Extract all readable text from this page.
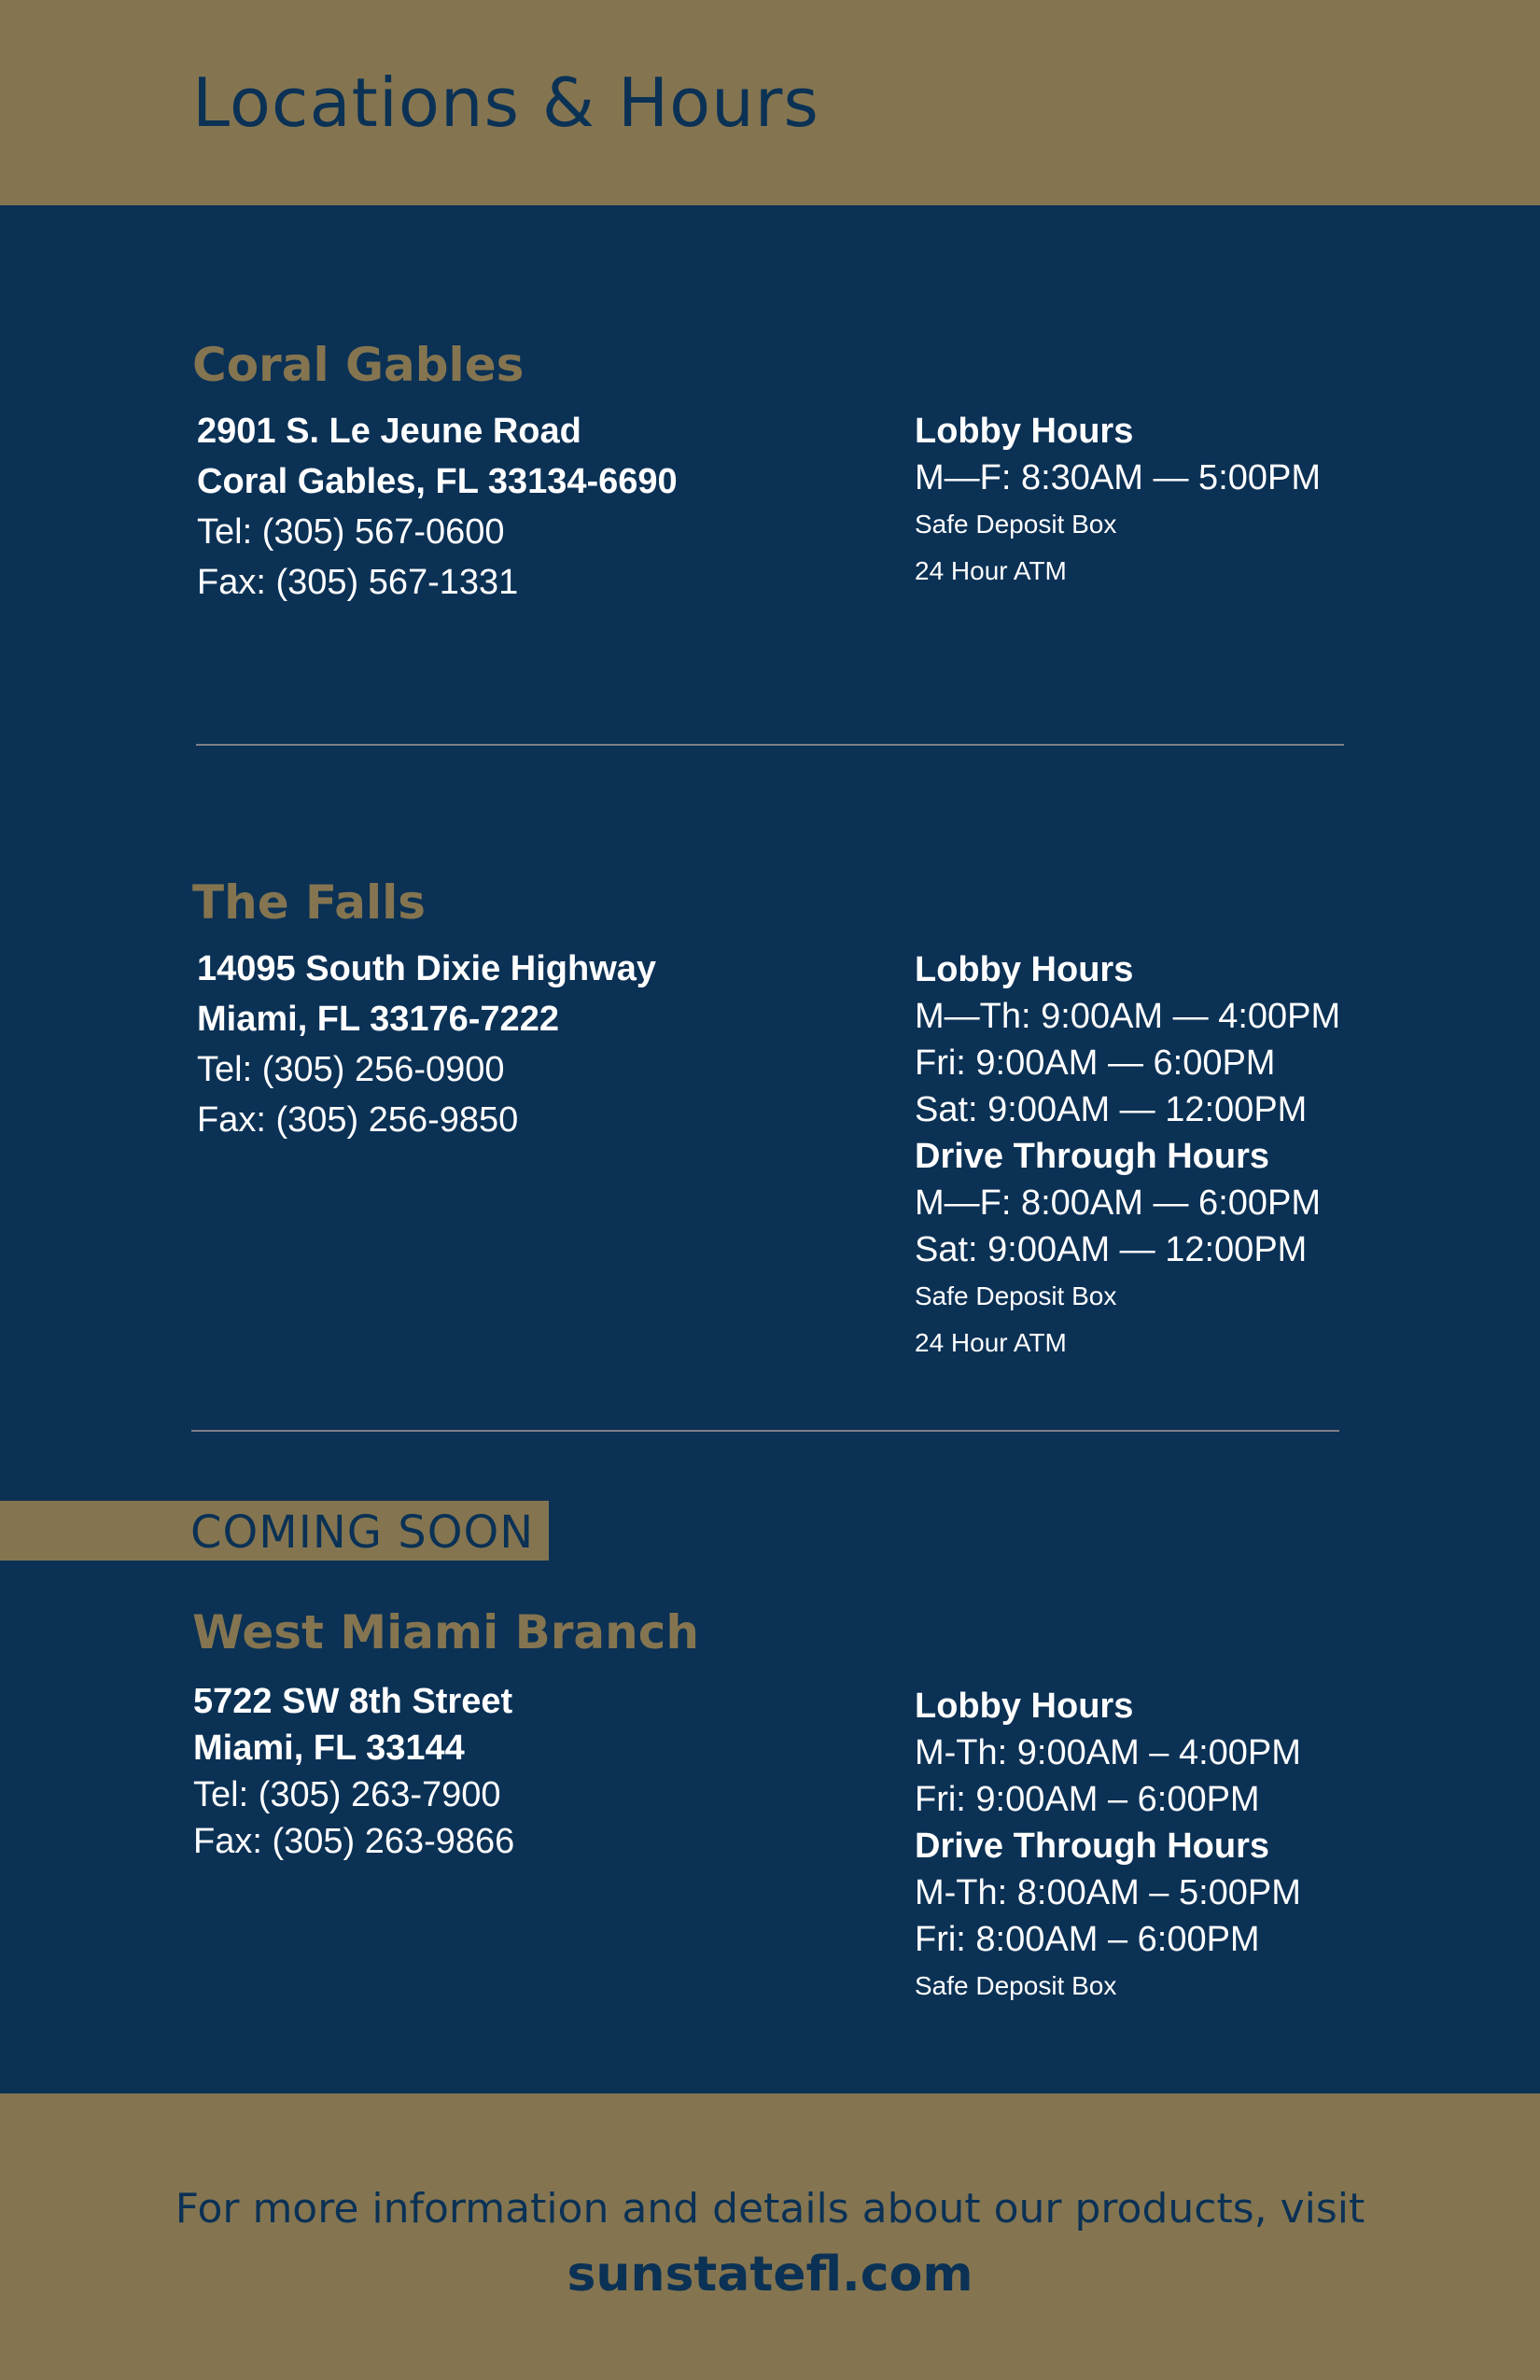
Locations & Hours
Coral Gables
2901 S. Le Jeune Road
Coral Gables, FL 33134-6690
Tel: (305) 567-0600
Fax: (305) 567-1331
Lobby Hours
M—F: 8:30AM — 5:00PM
Safe Deposit Box
24 Hour ATM
The Falls
14095 South Dixie Highway
Miami, FL 33176-7222
Tel: (305) 256-0900
Fax: (305) 256-9850
Lobby Hours
M—Th: 9:00AM — 4:00PM
Fri: 9:00AM — 6:00PM
Sat: 9:00AM — 12:00PM
Drive Through Hours
M—F: 8:00AM — 6:00PM
Sat: 9:00AM — 12:00PM
Safe Deposit Box
24 Hour ATM
COMING SOON
West Miami Branch
5722 SW 8th Street
Miami, FL 33144
Tel: (305) 263-7900
Fax: (305) 263-9866
Lobby Hours
M-Th: 9:00AM – 4:00PM
Fri: 9:00AM – 6:00PM
Drive Through Hours
M-Th: 8:00AM – 5:00PM
Fri: 8:00AM – 6:00PM
Safe Deposit Box
For more information and details about our products, visit
sunstatefl.com
